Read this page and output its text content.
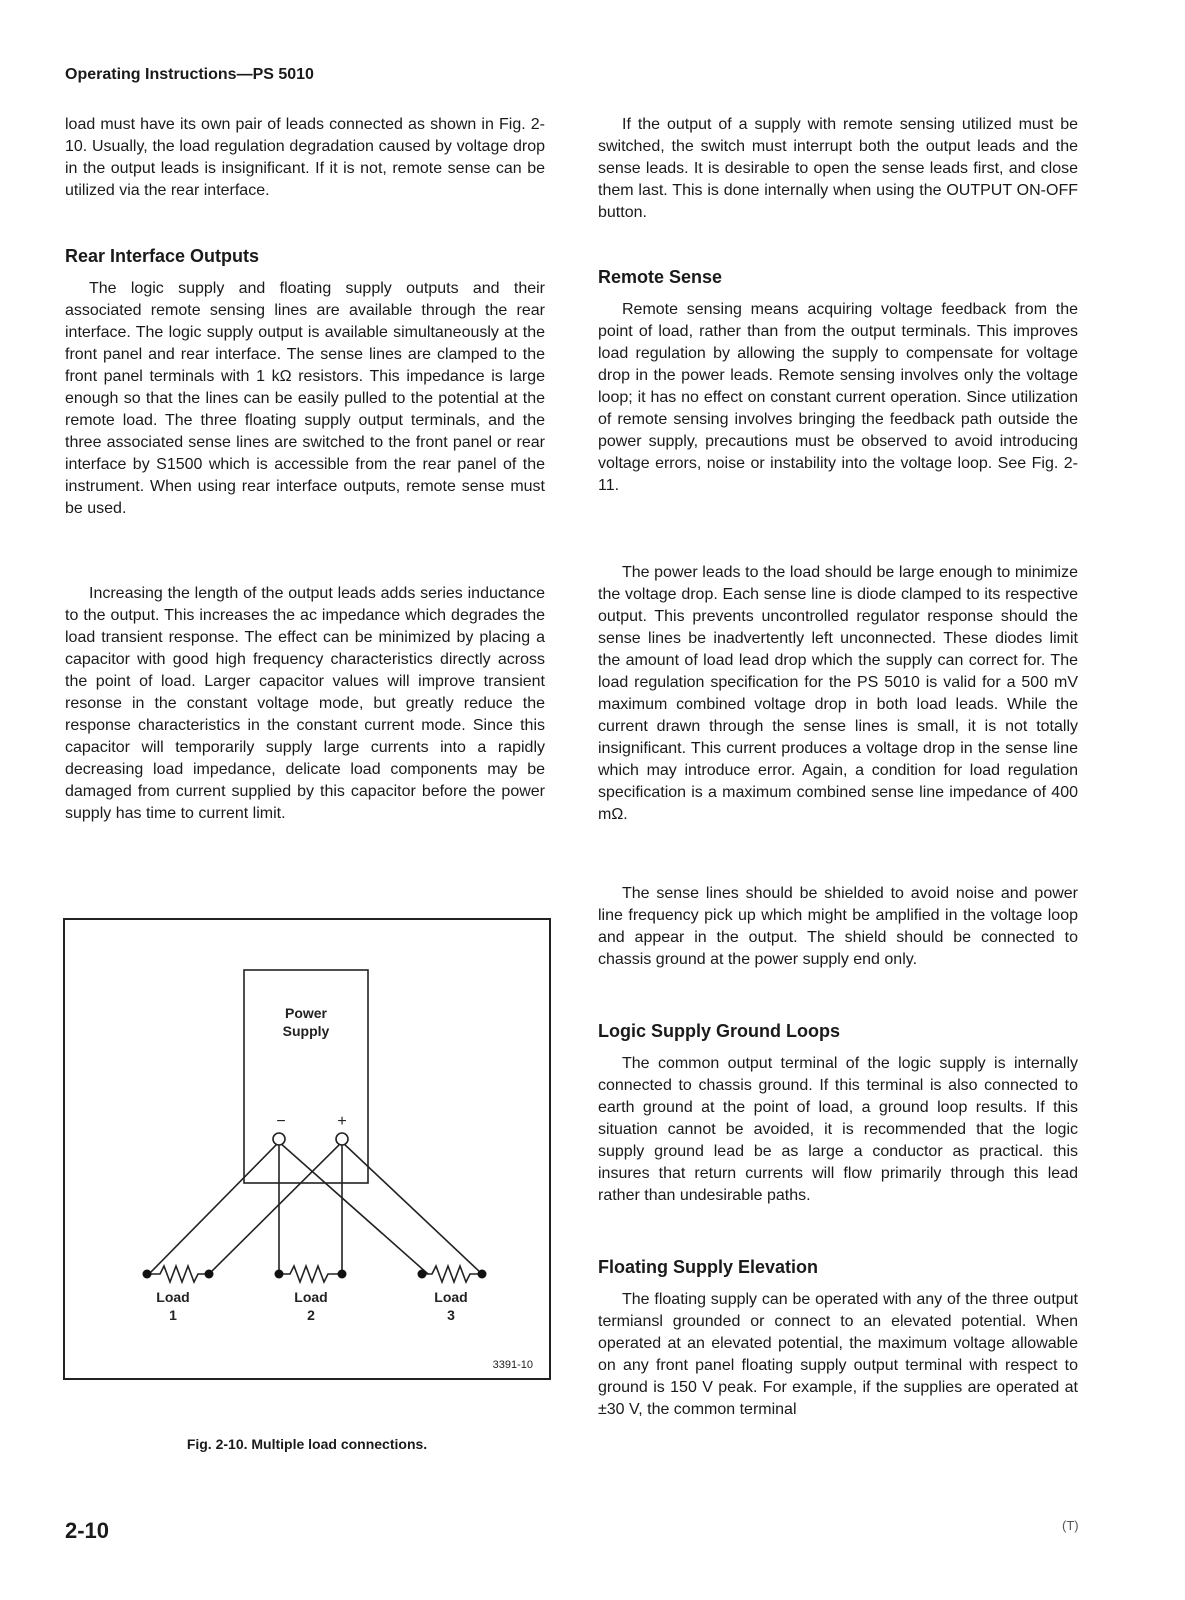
Operating Instructions—PS 5010

load must have its own pair of leads connected as shown in Fig. 2-10. Usually, the load regulation degradation caused by voltage drop in the output leads is insignificant. If it is not, remote sense can be utilized via the rear interface.

Rear Interface Outputs

The logic supply and floating supply outputs and their associated remote sensing lines are available through the rear interface. The logic supply output is available simultaneously at the front panel and rear interface. The sense lines are clamped to the front panel terminals with 1 kΩ resistors. This impedance is large enough so that the lines can be easily pulled to the potential at the remote load. The three floating supply output terminals, and the three associated sense lines are switched to the front panel or rear interface by S1500 which is accessible from the rear panel of the instrument. When using rear interface outputs, remote sense must be used.

Increasing the length of the output leads adds series inductance to the output. This increases the ac impedance which degrades the load transient response. The effect can be minimized by placing a capacitor with good high frequency characteristics directly across the point of load. Larger capacitor values will improve transient resonse in the constant voltage mode, but greatly reduce the response characteristics in the constant current mode. Since this capacitor will temporarily supply large currents into a rapidly decreasing load impedance, delicate load components may be damaged from current supplied by this capacitor before the power supply has time to current limit.

Power
Supply
Load
1
Load
2
Load
3
−	+
3391-10
Fig. 2-10. Multiple load connections.

If the output of a supply with remote sensing utilized must be switched, the switch must interrupt both the output leads and the sense leads. It is desirable to open the sense leads first, and close them last. This is done internally when using the OUTPUT ON-OFF button.

Remote Sense

Remote sensing means acquiring voltage feedback from the point of load, rather than from the output terminals. This improves load regulation by allowing the supply to compensate for voltage drop in the power leads. Remote sensing involves only the voltage loop; it has no effect on constant current operation. Since utilization of remote sensing involves bringing the feedback path outside the power supply, precautions must be observed to avoid introducing voltage errors, noise or instability into the voltage loop. See Fig. 2-11.

The power leads to the load should be large enough to minimize the voltage drop. Each sense line is diode clamped to its respective output. This prevents uncontrolled regulator response should the sense lines be inadvertently left unconnected. These diodes limit the amount of load lead drop which the supply can correct for. The load regulation specification for the PS 5010 is valid for a 500 mV maximum combined voltage drop in both load leads. While the current drawn through the sense lines is small, it is not totally insignificant. This current produces a voltage drop in the sense line which may introduce error. Again, a condition for load regulation specification is a maximum combined sense line impedance of 400 mΩ.

The sense lines should be shielded to avoid noise and power line frequency pick up which might be amplified in the voltage loop and appear in the output. The shield should be connected to chassis ground at the power supply end only.

Logic Supply Ground Loops

The common output terminal of the logic supply is internally connected to chassis ground. If this terminal is also connected to earth ground at the point of load, a ground loop results. If this situation cannot be avoided, it is recommended that the logic supply ground lead be as large a conductor as practical. this insures that return currents will flow primarily through this lead rather than undesirable paths.

Floating Supply Elevation

The floating supply can be operated with any of the three output termiansl grounded or connect to an elevated potential. When operated at an elevated potential, the maximum voltage allowable on any front panel floating supply output terminal with respect to ground is 150 V peak. For example, if the supplies are operated at ±30 V, the common terminal

2-10	(T)
